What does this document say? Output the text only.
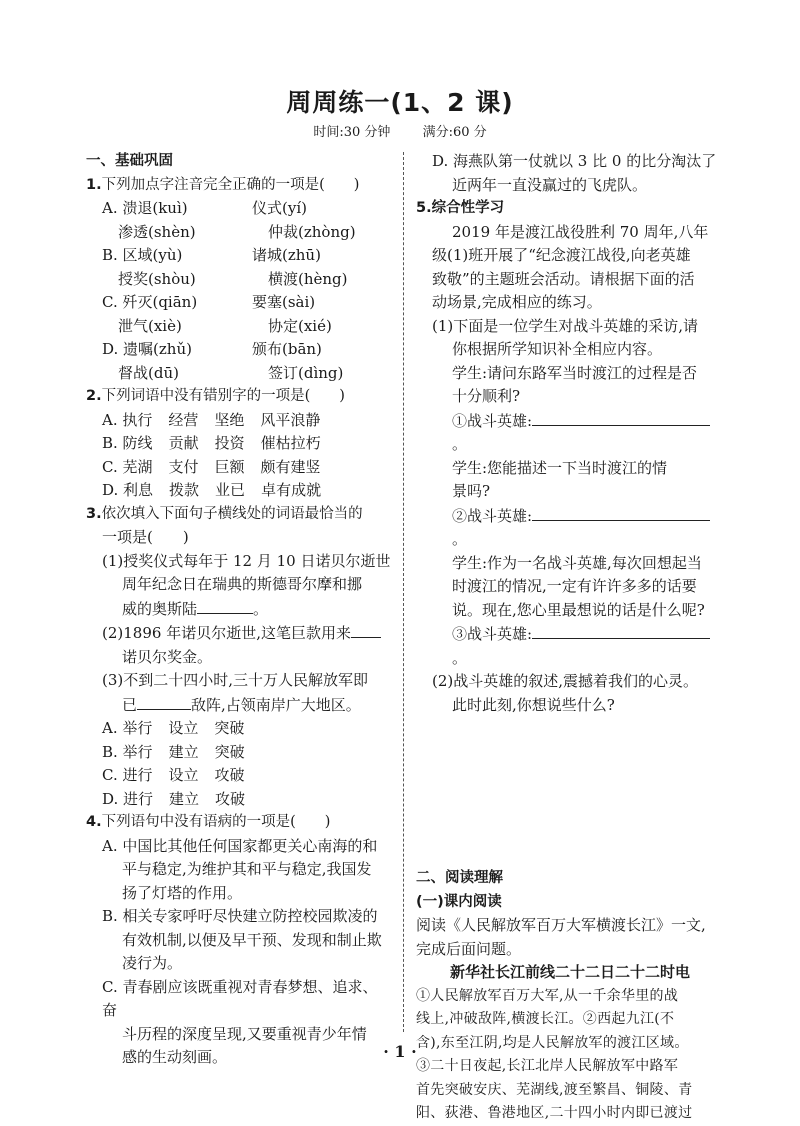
周周练一(1、2 课)
时间:30 分钟 满分:60 分

一、基础巩固

1.下列加点字注音完全正确的一项是(　　)

A. 溃退(kuì)	仪式(yí)
渗透(shèn)	仲裁(zhòng)
B. 区域(yù)	诸城(zhū)
授奖(shòu)	横渡(hèng)
C. 歼灭(qiān)	要塞(sài)
泄气(xiè)	协定(xié)
D. 遗嘱(zhǔ)	颁布(bān)
督战(dū)	签订(dìng)

2.下列词语中没有错别字的一项是(　　)

A. 执行 经营 坚绝 风平浪静
B. 防线 贡献 投资 催枯拉朽
C. 芜湖 支付 巨额 颇有建竖
D. 利息 拨款 业已 卓有成就

3.依次填入下面句子横线处的词语最恰当的

一项是(　　)

(1)授奖仪式每年于 12 月 10 日诺贝尔逝世

周年纪念日在瑞典的斯德哥尔摩和挪

威的奥斯陆	。

(2)1896 年诺贝尔逝世,这笔巨款用来

诺贝尔奖金。

(3)不到二十四小时,三十万人民解放军即

已	敌阵,占领南岸广大地区。

A. 举行 设立 突破
B. 举行 建立 突破
C. 进行 设立 攻破
D. 进行 建立 攻破

4.下列语句中没有语病的一项是(　　)

A. 中国比其他任何国家都更关心南海的和

平与稳定,为维护其和平与稳定,我国发

扬了灯塔的作用。

B. 相关专家呼吁尽快建立防控校园欺凌的

有效机制,以便及早干预、发现和制止欺

凌行为。

C. 青春剧应该既重视对青春梦想、追求、奋

斗历程的深度呈现,又要重视青少年情

感的生动刻画。

D. 海燕队第一仗就以 3 比 0 的比分淘汰了

近两年一直没赢过的飞虎队。

5.综合性学习

2019 年是渡江战役胜利 70 周年,八年

级(1)班开展了“纪念渡江战役,向老英雄

致敬”的主题班会活动。请根据下面的活

动场景,完成相应的练习。

(1)下面是一位学生对战斗英雄的采访,请

你根据所学知识补全相应内容。

学生:请问东路军当时渡江的过程是否

十分顺利?

①战斗英雄:。

学生:您能描述一下当时渡江的情

景吗?

②战斗英雄:。

学生:作为一名战斗英雄,每次回想起当

时渡江的情况,一定有许许多多的话要

说。现在,您心里最想说的话是什么呢?

③战斗英雄:。

(2)战斗英雄的叙述,震撼着我们的心灵。

此时此刻,你想说些什么?

二、阅读理解

(一)课内阅读

阅读《人民解放军百万大军横渡长江》一文,

完成后面问题。

新华社长江前线二十二日二十二时电

①人民解放军百万大军,从一千余华里的战

线上,冲破敌阵,横渡长江。②西起九江(不

含),东至江阴,均是人民解放军的渡江区域。

③二十日夜起,长江北岸人民解放军中路军

首先突破安庆、芜湖线,渡至繁昌、铜陵、青

阳、荻港、鲁港地区,二十四小时内即已渡过

· 1 ·
